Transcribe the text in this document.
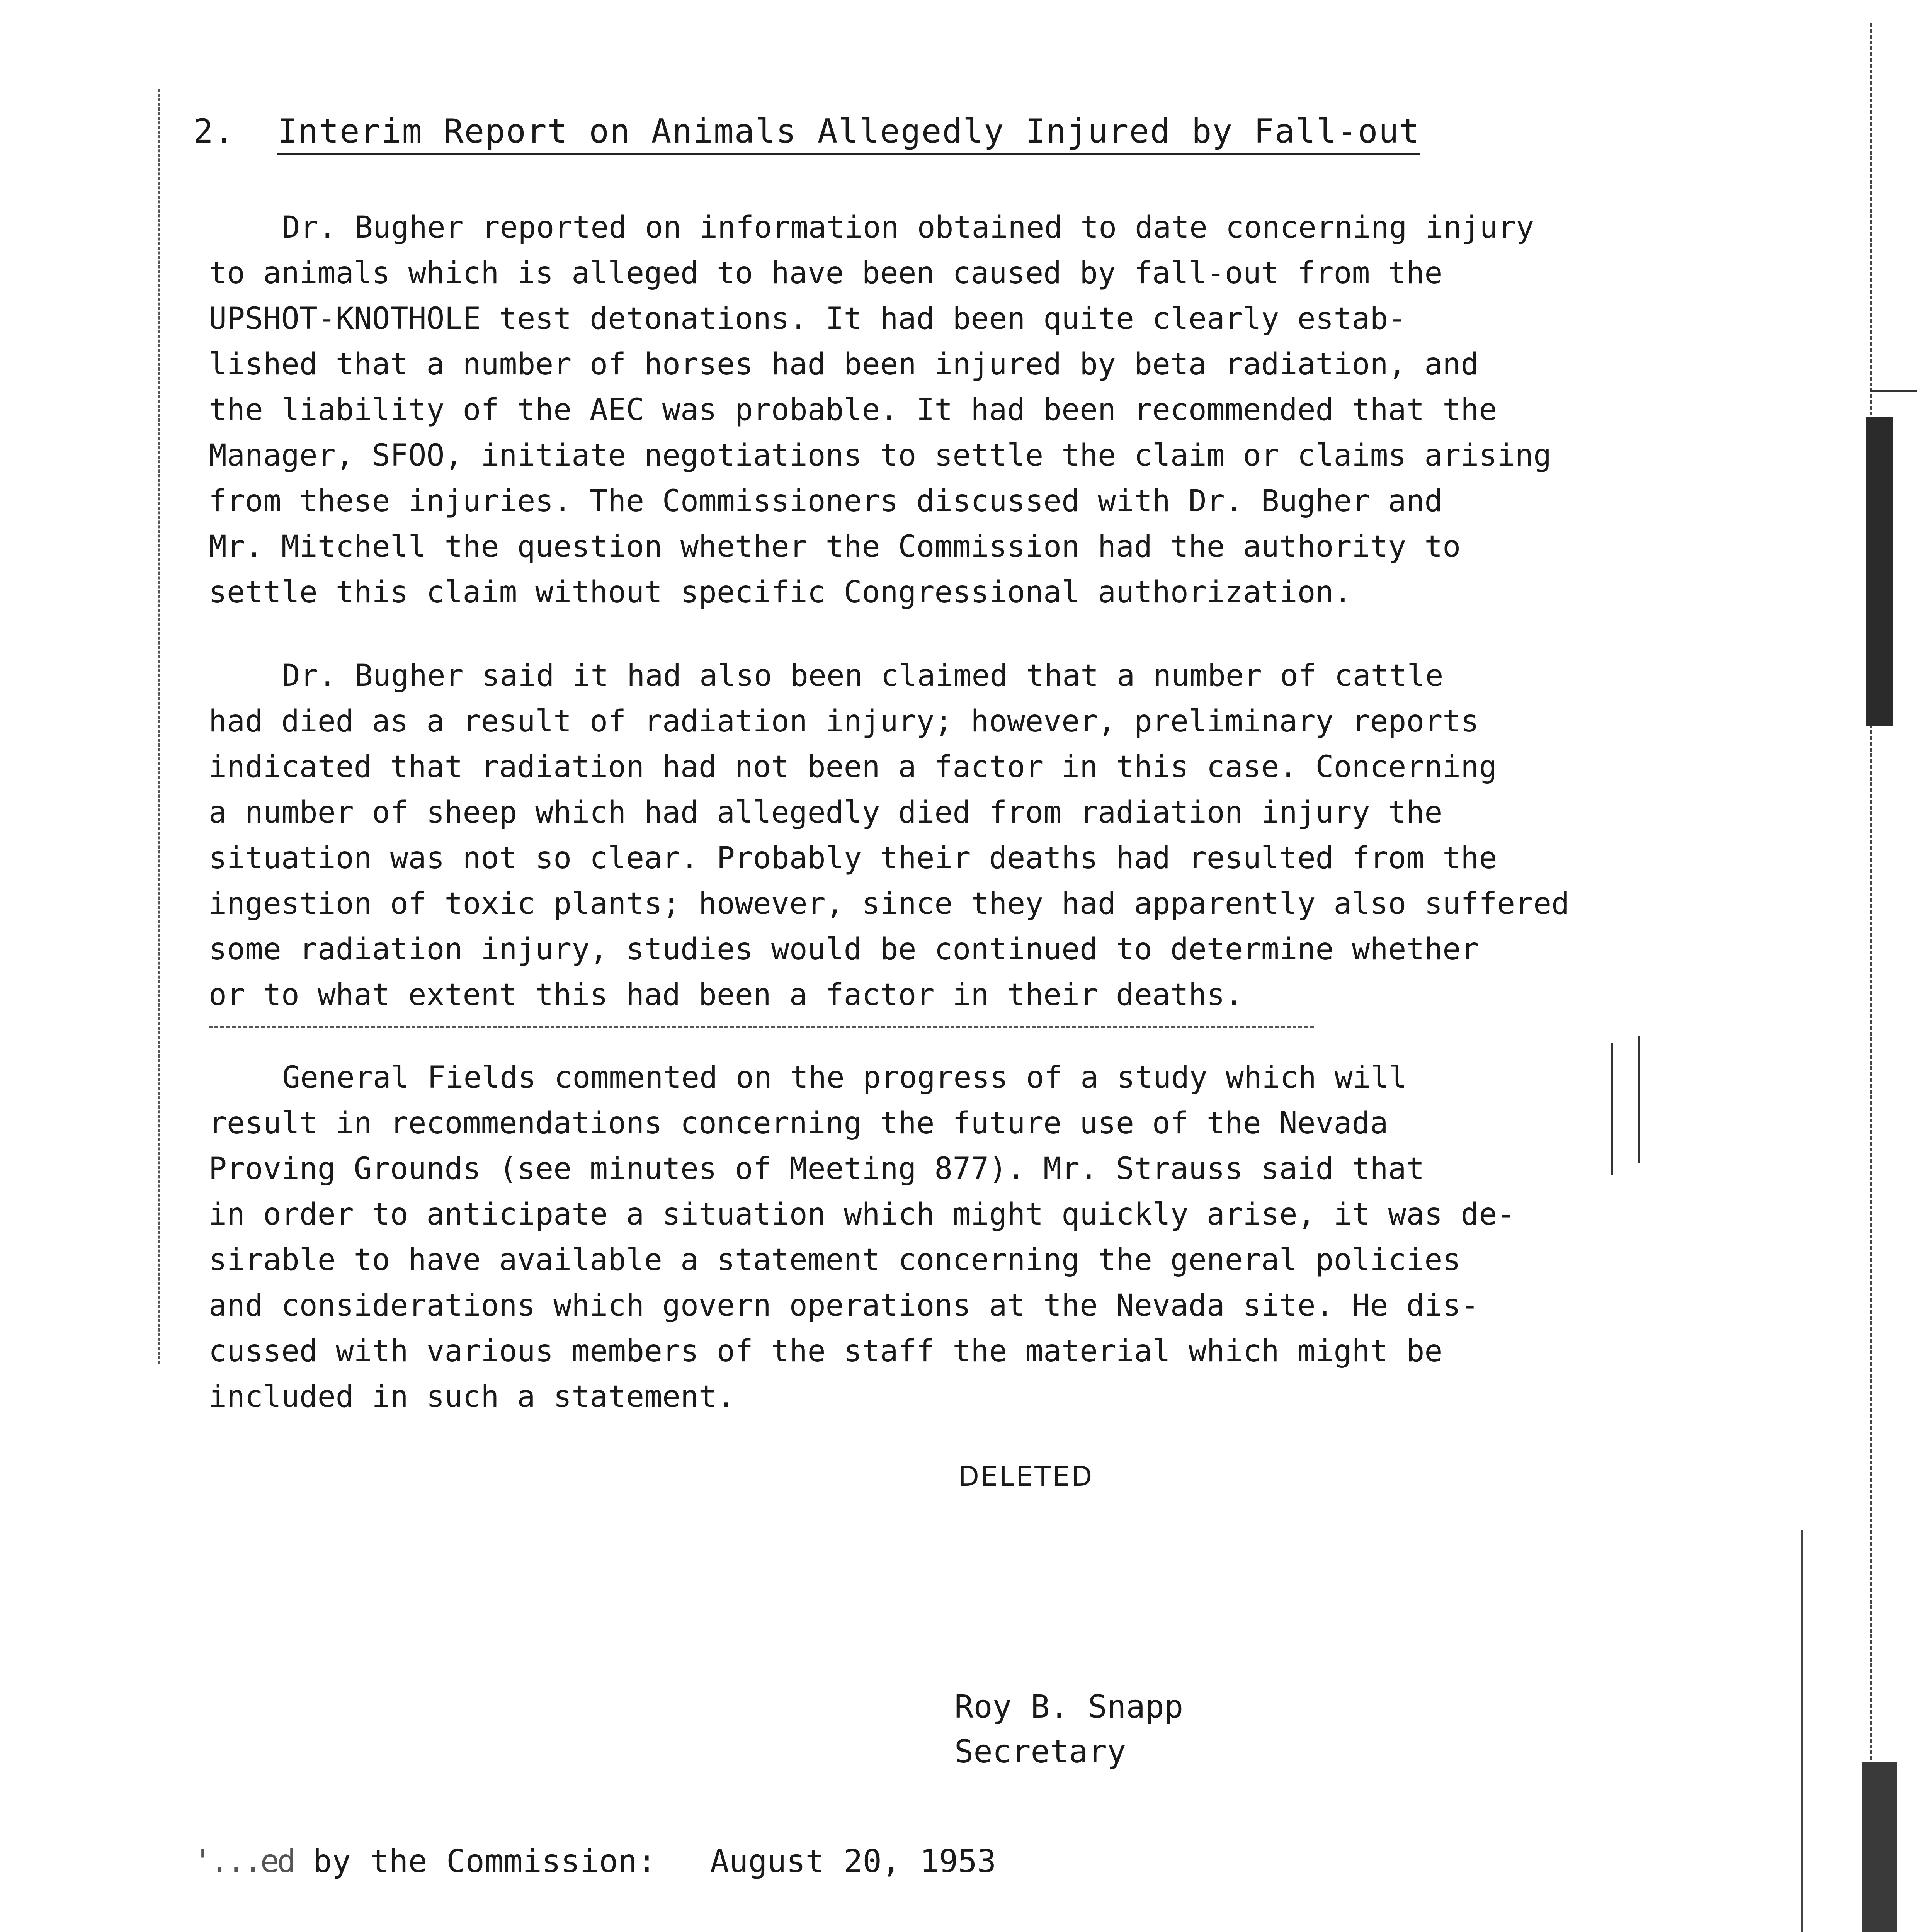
2. Interim Report on Animals Allegedly Injured by Fall-out
Dr. Bugher reported on information obtained to date concerning injury
to animals which is alleged to have been caused by fall-out from the
UPSHOT-KNOTHOLE test detonations. It had been quite clearly estab-
lished that a number of horses had been injured by beta radiation, and
the liability of the AEC was probable. It had been recommended that the
Manager, SFOO, initiate negotiations to settle the claim or claims arising
from these injuries. The Commissioners discussed with Dr. Bugher and
Mr. Mitchell the question whether the Commission had the authority to
settle this claim without specific Congressional authorization.
Dr. Bugher said it had also been claimed that a number of cattle
had died as a result of radiation injury; however, preliminary reports
indicated that radiation had not been a factor in this case. Concerning
a number of sheep which had allegedly died from radiation injury the
situation was not so clear. Probably their deaths had resulted from the
ingestion of toxic plants; however, since they had apparently also suffered
some radiation injury, studies would be continued to determine whether
or to what extent this had been a factor in their deaths.
General Fields commented on the progress of a study which will
result in recommendations concerning the future use of the Nevada
Proving Grounds (see minutes of Meeting 877). Mr. Strauss said that
in order to anticipate a situation which might quickly arise, it was de-
sirable to have available a statement concerning the general policies
and considerations which govern operations at the Nevada site. He dis-
cussed with various members of the staff the material which might be
included in such a statement.
DELETED
Roy B. Snapp
Secretary
'...ed by the Commission: August 20, 1953
